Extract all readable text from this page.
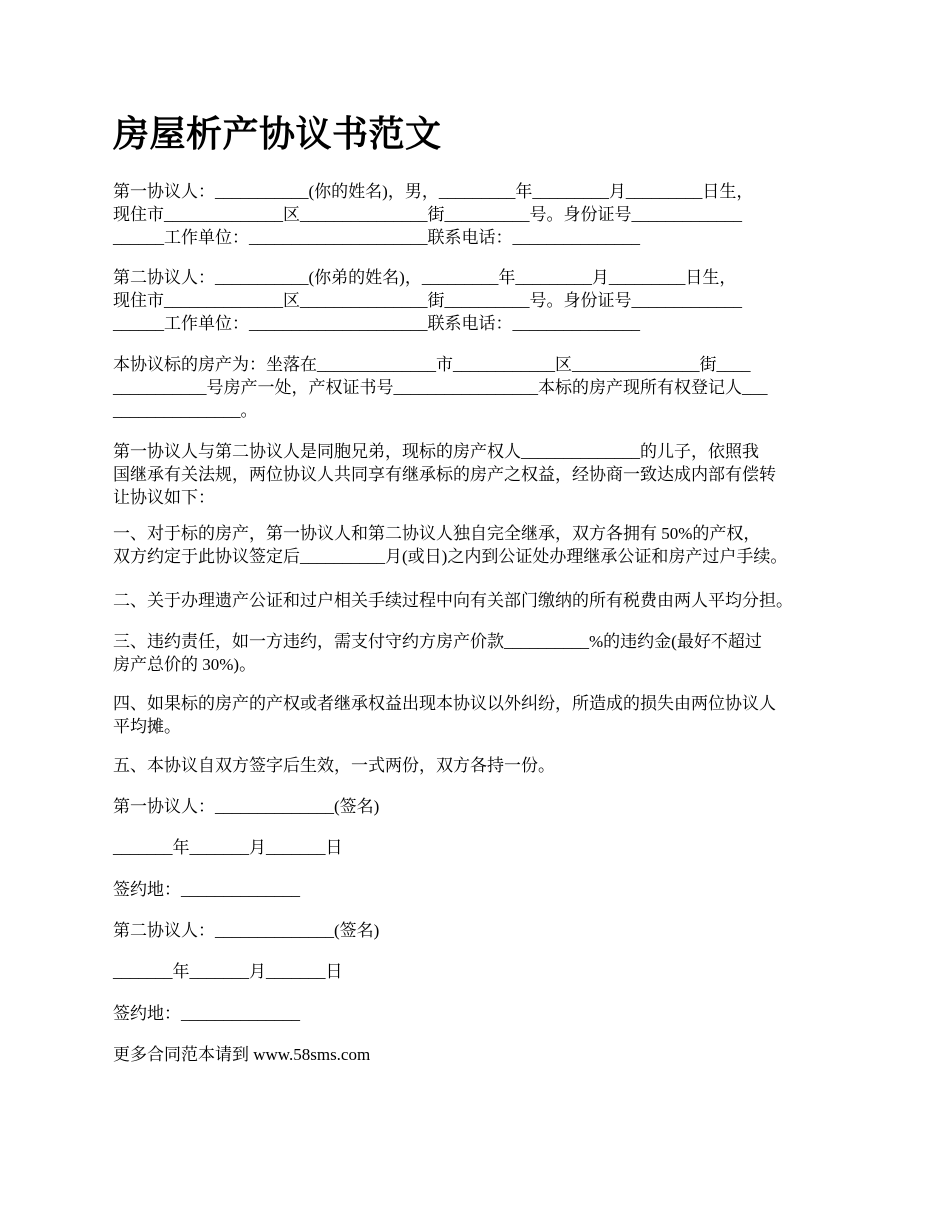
房屋析产协议书范文

第一协议人：___________(你的姓名)，男，_________年_________月_________日生，
现住市______________区_______________街__________号。身份证号_____________
______工作单位：_____________________联系电话：_______________

第二协议人：___________(你弟的姓名)，_________年_________月_________日生，
现住市______________区_______________街__________号。身份证号_____________
______工作单位：_____________________联系电话：_______________

本协议标的房产为：坐落在______________市____________区_______________街____
___________号房产一处，产权证书号_________________本标的房产现所有权登记人___
_______________。

第一协议人与第二协议人是同胞兄弟，现标的房产权人______________的儿子，依照我
国继承有关法规，两位协议人共同享有继承标的房产之权益，经协商一致达成内部有偿转
让协议如下：

一、对于标的房产，第一协议人和第二协议人独自完全继承，双方各拥有 50%的产权，
双方约定于此协议签定后__________月(或日)之内到公证处办理继承公证和房产过户手续。

二、关于办理遗产公证和过户相关手续过程中向有关部门缴纳的所有税费由两人平均分担。

三、违约责任，如一方违约，需支付守约方房产价款__________%的违约金(最好不超过
房产总价的 30%)。

四、如果标的房产的产权或者继承权益出现本协议以外纠纷，所造成的损失由两位协议人
平均摊。

五、本协议自双方签字后生效，一式两份，双方各持一份。

第一协议人：______________(签名)

_______年_______月_______日

签约地：______________

第二协议人：______________(签名)

_______年_______月_______日

签约地：______________

更多合同范本请到 www.58sms.com
